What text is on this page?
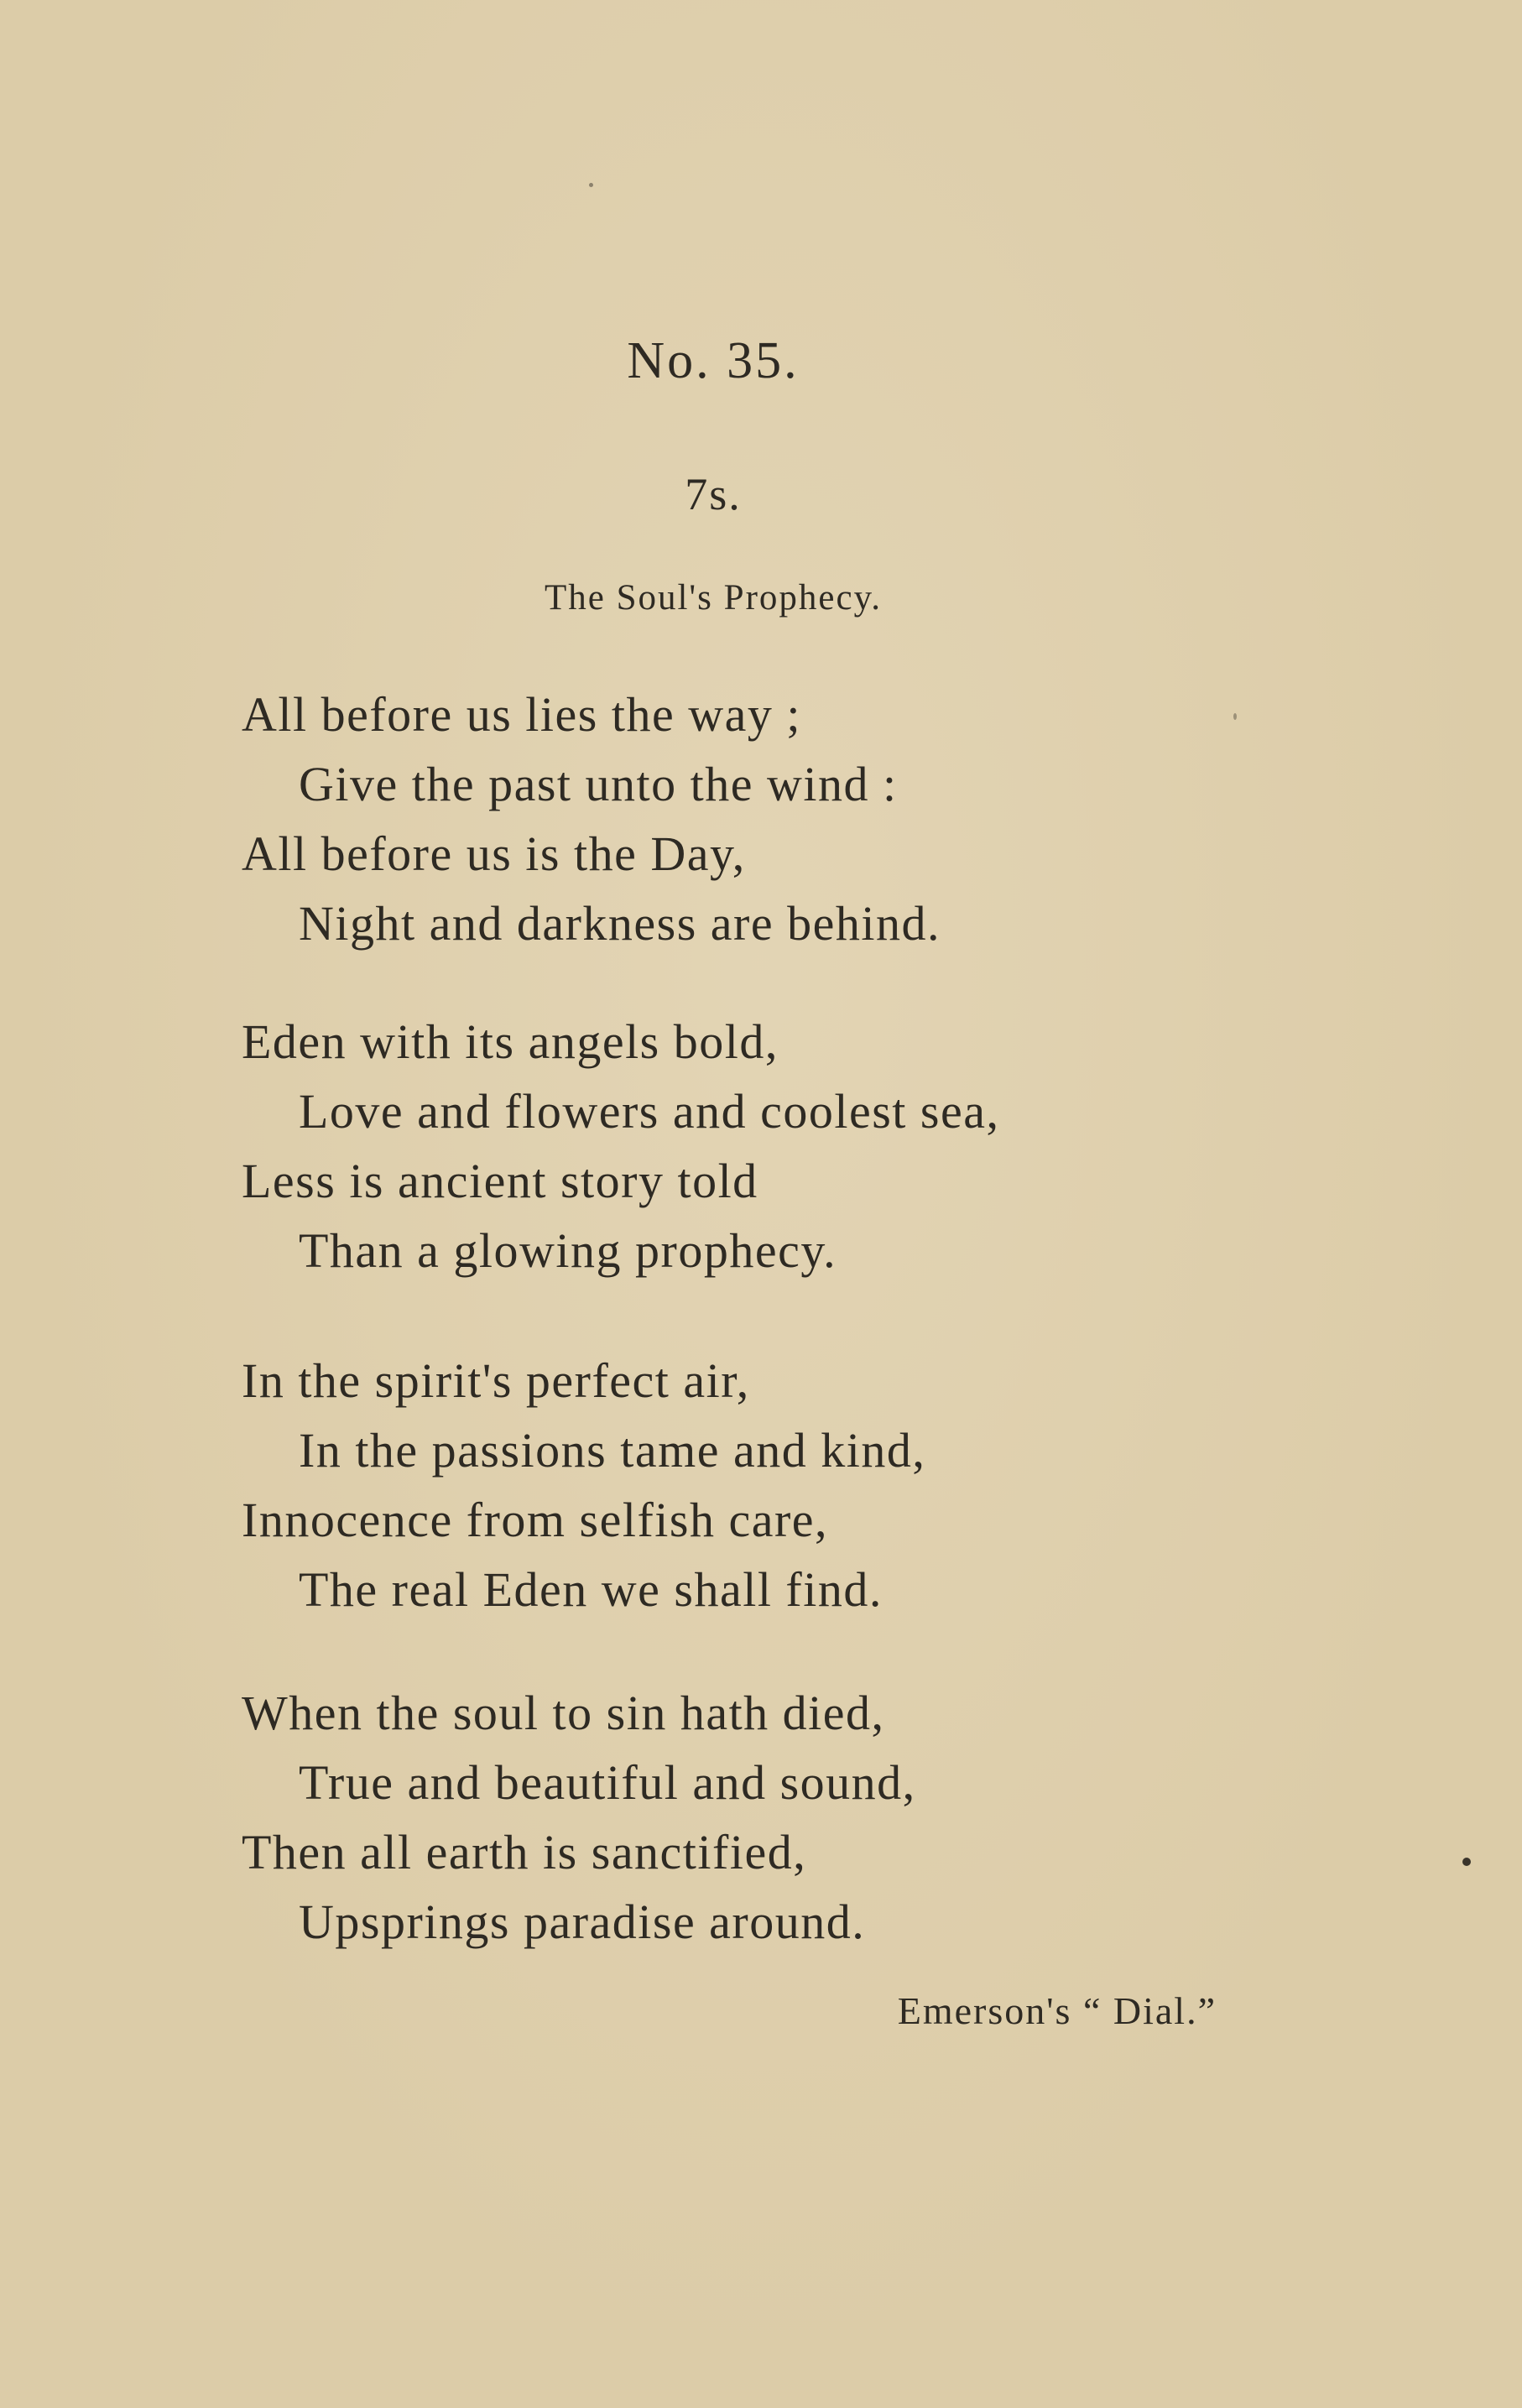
No. 35.
7s.
The Soul's Prophecy.
All before us lies the way ;
Give the past unto the wind :
All before us is the Day,
Night and darkness are behind.
Eden with its angels bold,
Love and flowers and coolest sea,
Less is ancient story told
Than a glowing prophecy.
In the spirit's perfect air,
In the passions tame and kind,
Innocence from selfish care,
The real Eden we shall find.
When the soul to sin hath died,
True and beautiful and sound,
Then all earth is sanctified,
Upsprings paradise around.
Emerson's “ Dial.”
